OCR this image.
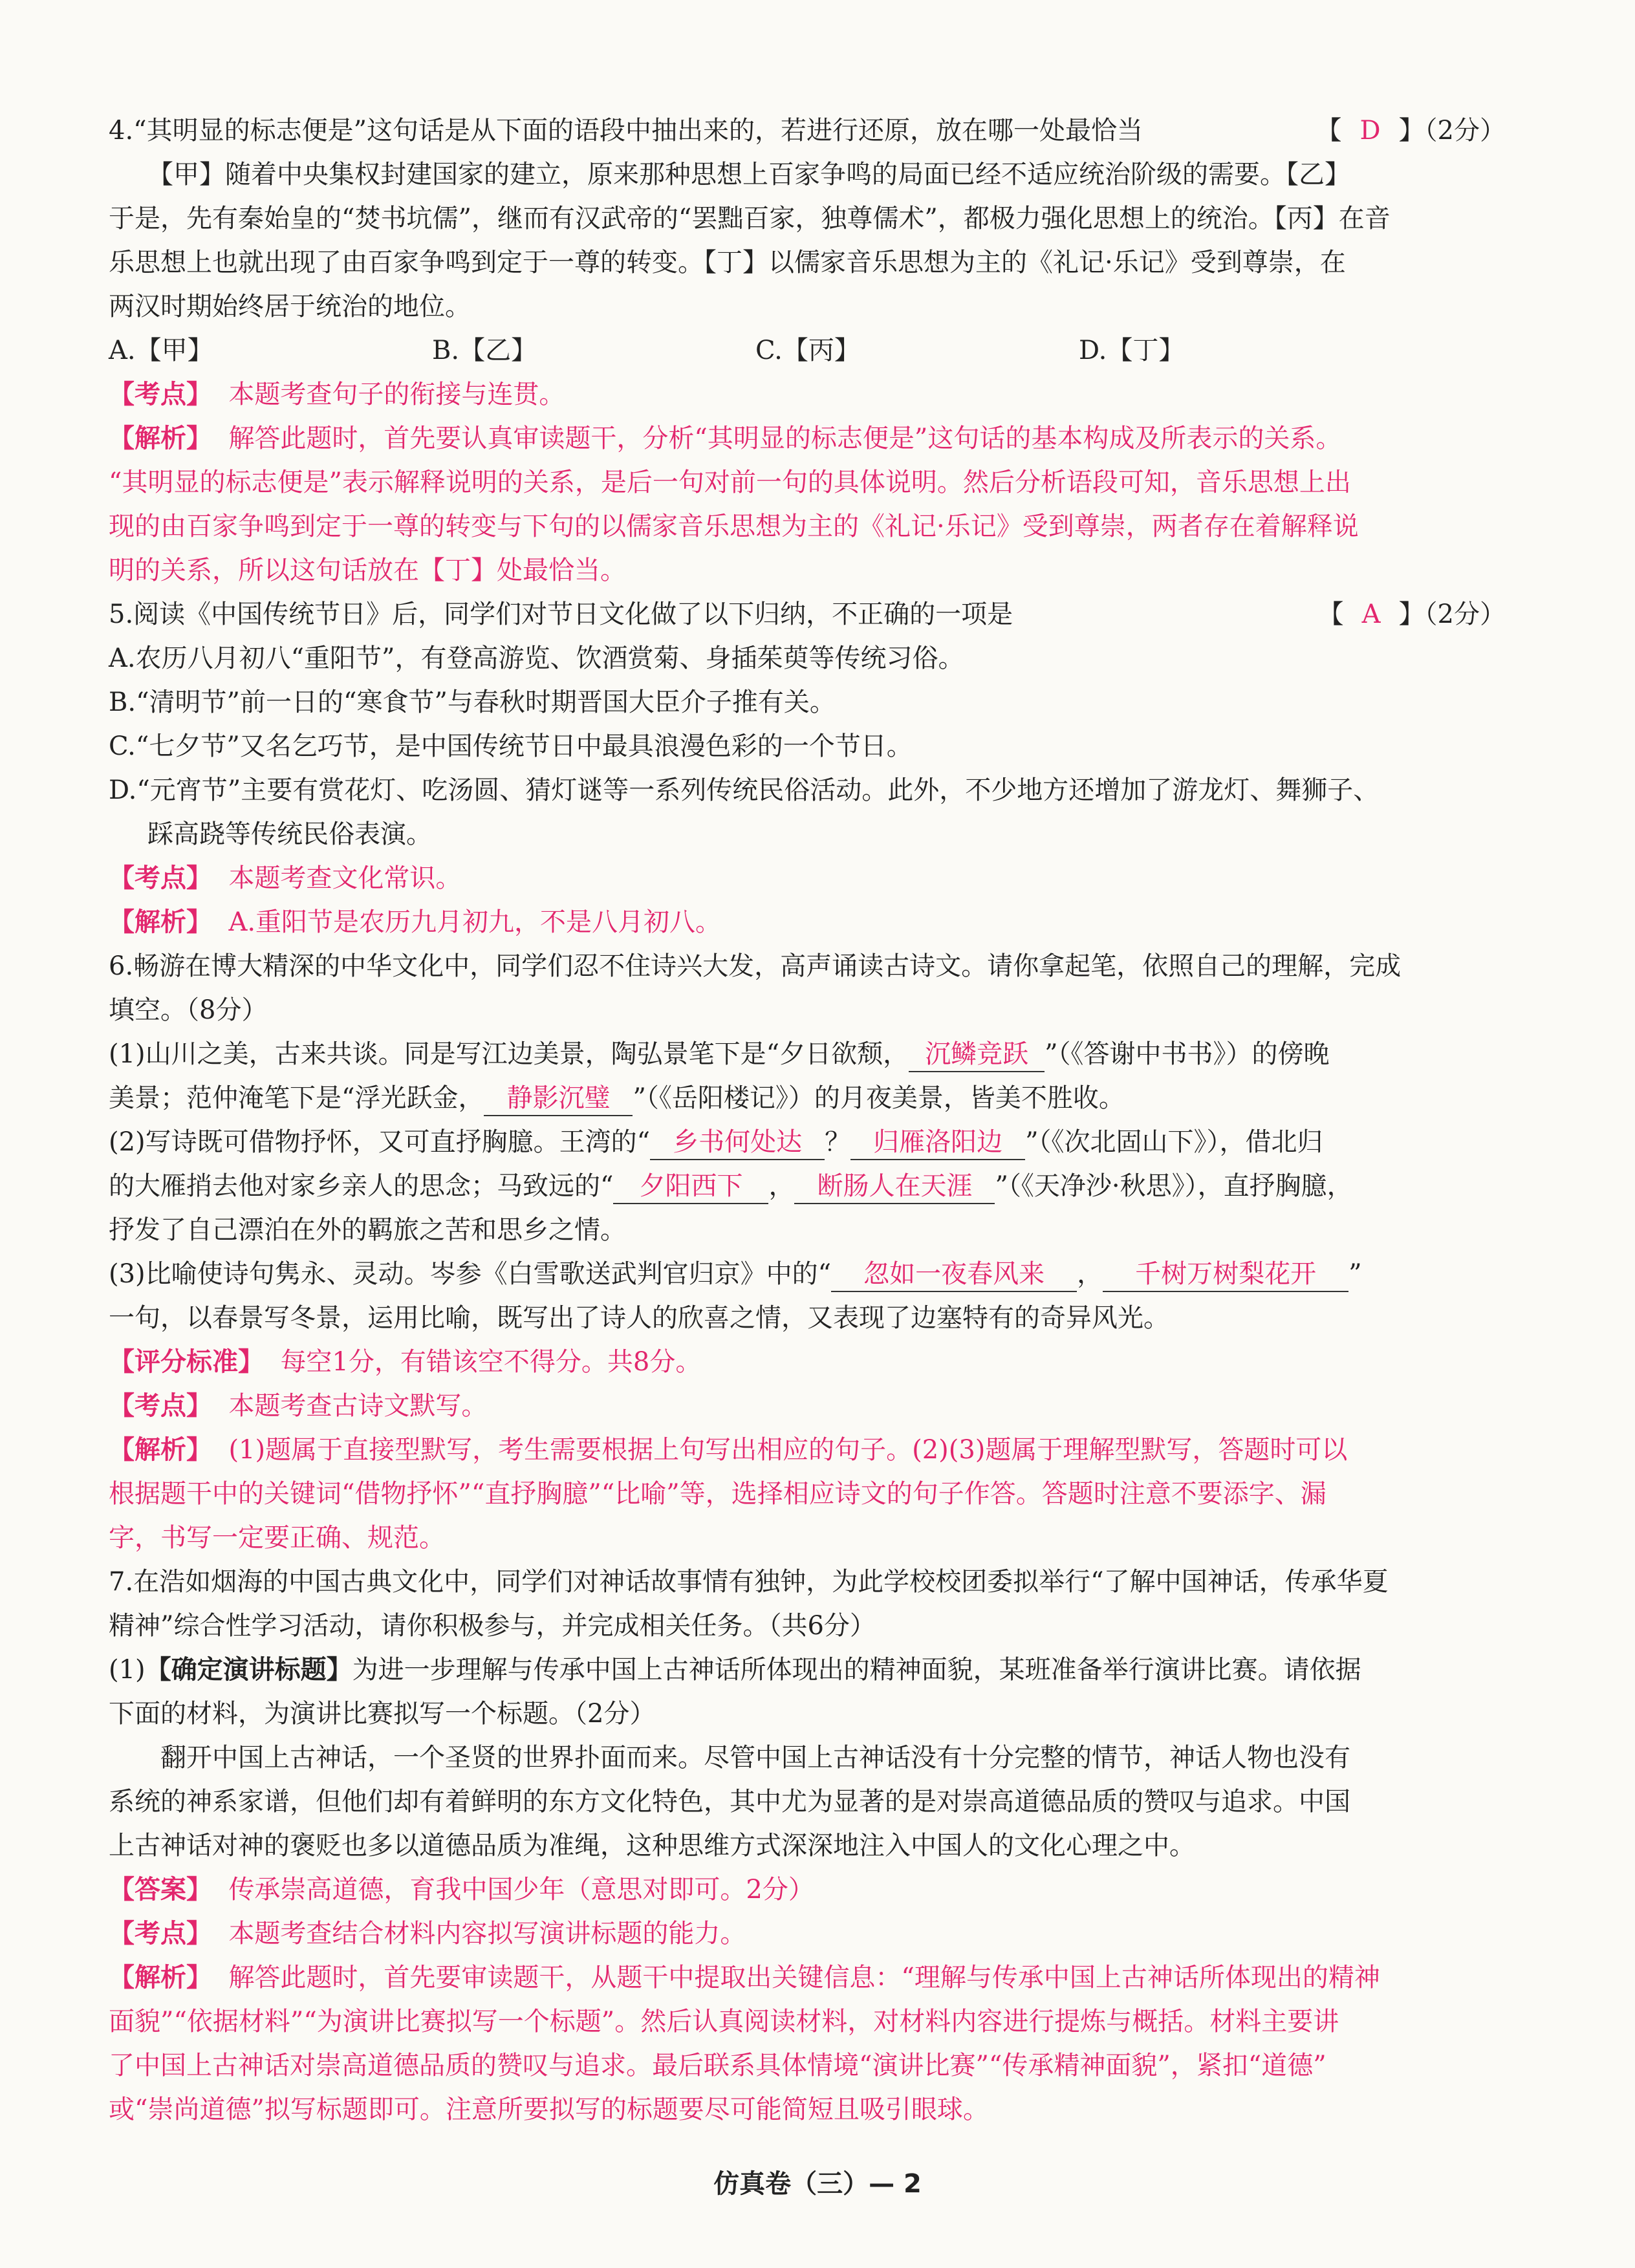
4.“其明显的标志便是”这句话是从下面的语段中抽出来的，若进行还原，放在哪一处最恰当	【 D 】（2分）
【甲】随着中央集权封建国家的建立，原来那种思想上百家争鸣的局面已经不适应统治阶级的需要。【乙】
于是，先有秦始皇的“焚书坑儒”，继而有汉武帝的“罢黜百家，独尊儒术”，都极力强化思想上的统治。【丙】在音
乐思想上也就出现了由百家争鸣到定于一尊的转变。【丁】以儒家音乐思想为主的《礼记·乐记》受到尊崇，在
两汉时期始终居于统治的地位。
A.【甲】	B.【乙】	C.【丙】	D.【丁】
【考点】 本题考查句子的衔接与连贯。
【解析】 解答此题时，首先要认真审读题干，分析“其明显的标志便是”这句话的基本构成及所表示的关系。
“其明显的标志便是”表示解释说明的关系，是后一句对前一句的具体说明。然后分析语段可知，音乐思想上出
现的由百家争鸣到定于一尊的转变与下句的以儒家音乐思想为主的《礼记·乐记》受到尊崇，两者存在着解释说
明的关系，所以这句话放在【丁】处最恰当。
5.阅读《中国传统节日》后，同学们对节日文化做了以下归纳，不正确的一项是	【 A 】（2分）
A.农历八月初八“重阳节”，有登高游览、饮酒赏菊、身插茱萸等传统习俗。
B.“清明节”前一日的“寒食节”与春秋时期晋国大臣介子推有关。
C.“七夕节”又名乞巧节，是中国传统节日中最具浪漫色彩的一个节日。
D.“元宵节”主要有赏花灯、吃汤圆、猜灯谜等一系列传统民俗活动。此外，不少地方还增加了游龙灯、舞狮子、
踩高跷等传统民俗表演。
【考点】 本题考查文化常识。
【解析】 A.重阳节是农历九月初九，不是八月初八。
6.畅游在博大精深的中华文化中，同学们忍不住诗兴大发，高声诵读古诗文。请你拿起笔，依照自己的理解，完成
填空。（8分）
(1)山川之美，古来共谈。同是写江边美景，陶弘景笔下是“夕日欲颓， 沉鳞竞跃 ”（《答谢中书书》）的傍晚
美景；范仲淹笔下是“浮光跃金， 静影沉璧 ”（《岳阳楼记》）的月夜美景，皆美不胜收。
(2)写诗既可借物抒怀，又可直抒胸臆。王湾的“ 乡书何处达 ？ 归雁洛阳边 ”（《次北固山下》），借北归
的大雁捎去他对家乡亲人的思念；马致远的“ 夕阳西下 ， 断肠人在天涯 ”（《天净沙·秋思》），直抒胸臆，
抒发了自己漂泊在外的羁旅之苦和思乡之情。
(3)比喻使诗句隽永、灵动。岑参《白雪歌送武判官归京》中的“ 忽如一夜春风来 ， 千树万树梨花开 ”
一句，以春景写冬景，运用比喻，既写出了诗人的欣喜之情，又表现了边塞特有的奇异风光。
【评分标准】 每空1分，有错该空不得分。共8分。
【考点】 本题考查古诗文默写。
【解析】 (1)题属于直接型默写，考生需要根据上句写出相应的句子。(2)(3)题属于理解型默写，答题时可以
根据题干中的关键词“借物抒怀”“直抒胸臆”“比喻”等，选择相应诗文的句子作答。答题时注意不要添字、漏
字，书写一定要正确、规范。
7.在浩如烟海的中国古典文化中，同学们对神话故事情有独钟，为此学校校团委拟举行“了解中国神话，传承华夏
精神”综合性学习活动，请你积极参与，并完成相关任务。（共6分）
(1)【确定演讲标题】为进一步理解与传承中国上古神话所体现出的精神面貌，某班准备举行演讲比赛。请依据
下面的材料，为演讲比赛拟写一个标题。（2分）
翻开中国上古神话，一个圣贤的世界扑面而来。尽管中国上古神话没有十分完整的情节，神话人物也没有
系统的神系家谱，但他们却有着鲜明的东方文化特色，其中尤为显著的是对崇高道德品质的赞叹与追求。中国
上古神话对神的褒贬也多以道德品质为准绳，这种思维方式深深地注入中国人的文化心理之中。
【答案】 传承崇高道德，育我中国少年（意思对即可。2分）
【考点】 本题考查结合材料内容拟写演讲标题的能力。
【解析】 解答此题时，首先要审读题干，从题干中提取出关键信息：“理解与传承中国上古神话所体现出的精神
面貌”“依据材料”“为演讲比赛拟写一个标题”。然后认真阅读材料，对材料内容进行提炼与概括。材料主要讲
了中国上古神话对崇高道德品质的赞叹与追求。最后联系具体情境“演讲比赛”“传承精神面貌”，紧扣“道德”
或“崇尚道德”拟写标题即可。注意所要拟写的标题要尽可能简短且吸引眼球。
仿真卷（三）— 2
